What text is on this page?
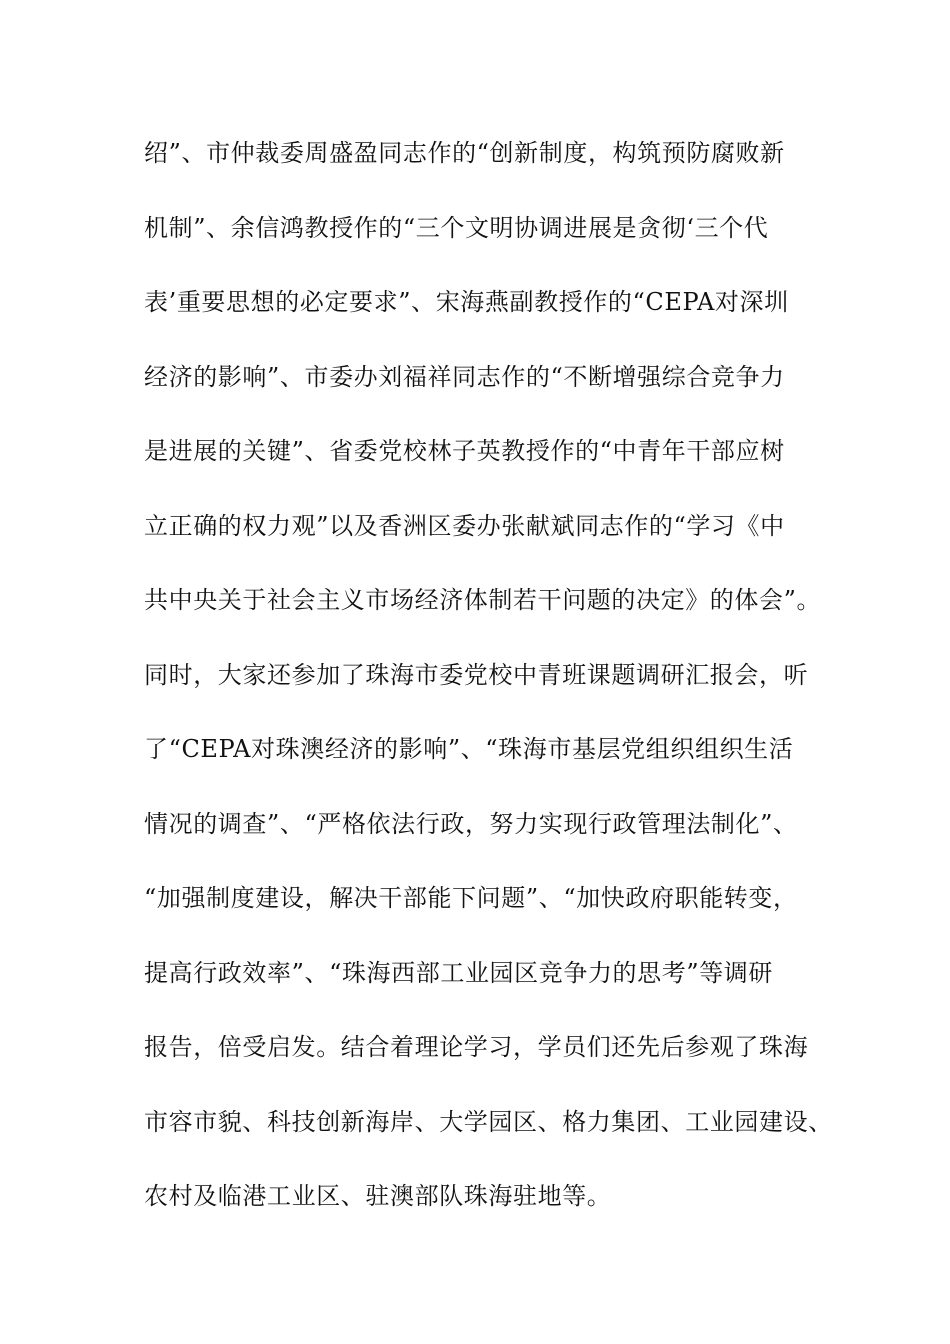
绍”、市仲裁委周盛盈同志作的“创新制度，构筑预防腐败新
机制”、余信鸿教授作的“三个文明协调进展是贪彻‘三个代
表’重要思想的必定要求”、宋海燕副教授作的“CEPA对深圳
经济的影响”、市委办刘福祥同志作的“不断增强综合竞争力
是进展的关键”、省委党校林子英教授作的“中青年干部应树
立正确的权力观”以及香洲区委办张献斌同志作的“学习《中
共中央关于社会主义市场经济体制若干问题的决定》的体会”。
同时，大家还参加了珠海市委党校中青班课题调研汇报会，听
了“CEPA对珠澳经济的影响”、“珠海市基层党组织组织生活
情况的调查”、“严格依法行政，努力实现行政管理法制化”、
“加强制度建设，解决干部能下问题”、“加快政府职能转变，
提高行政效率”、“珠海西部工业园区竞争力的思考”等调研
报告，倍受启发。结合着理论学习，学员们还先后参观了珠海
市容市貌、科技创新海岸、大学园区、格力集团、工业园建设、
农村及临港工业区、驻澳部队珠海驻地等。
